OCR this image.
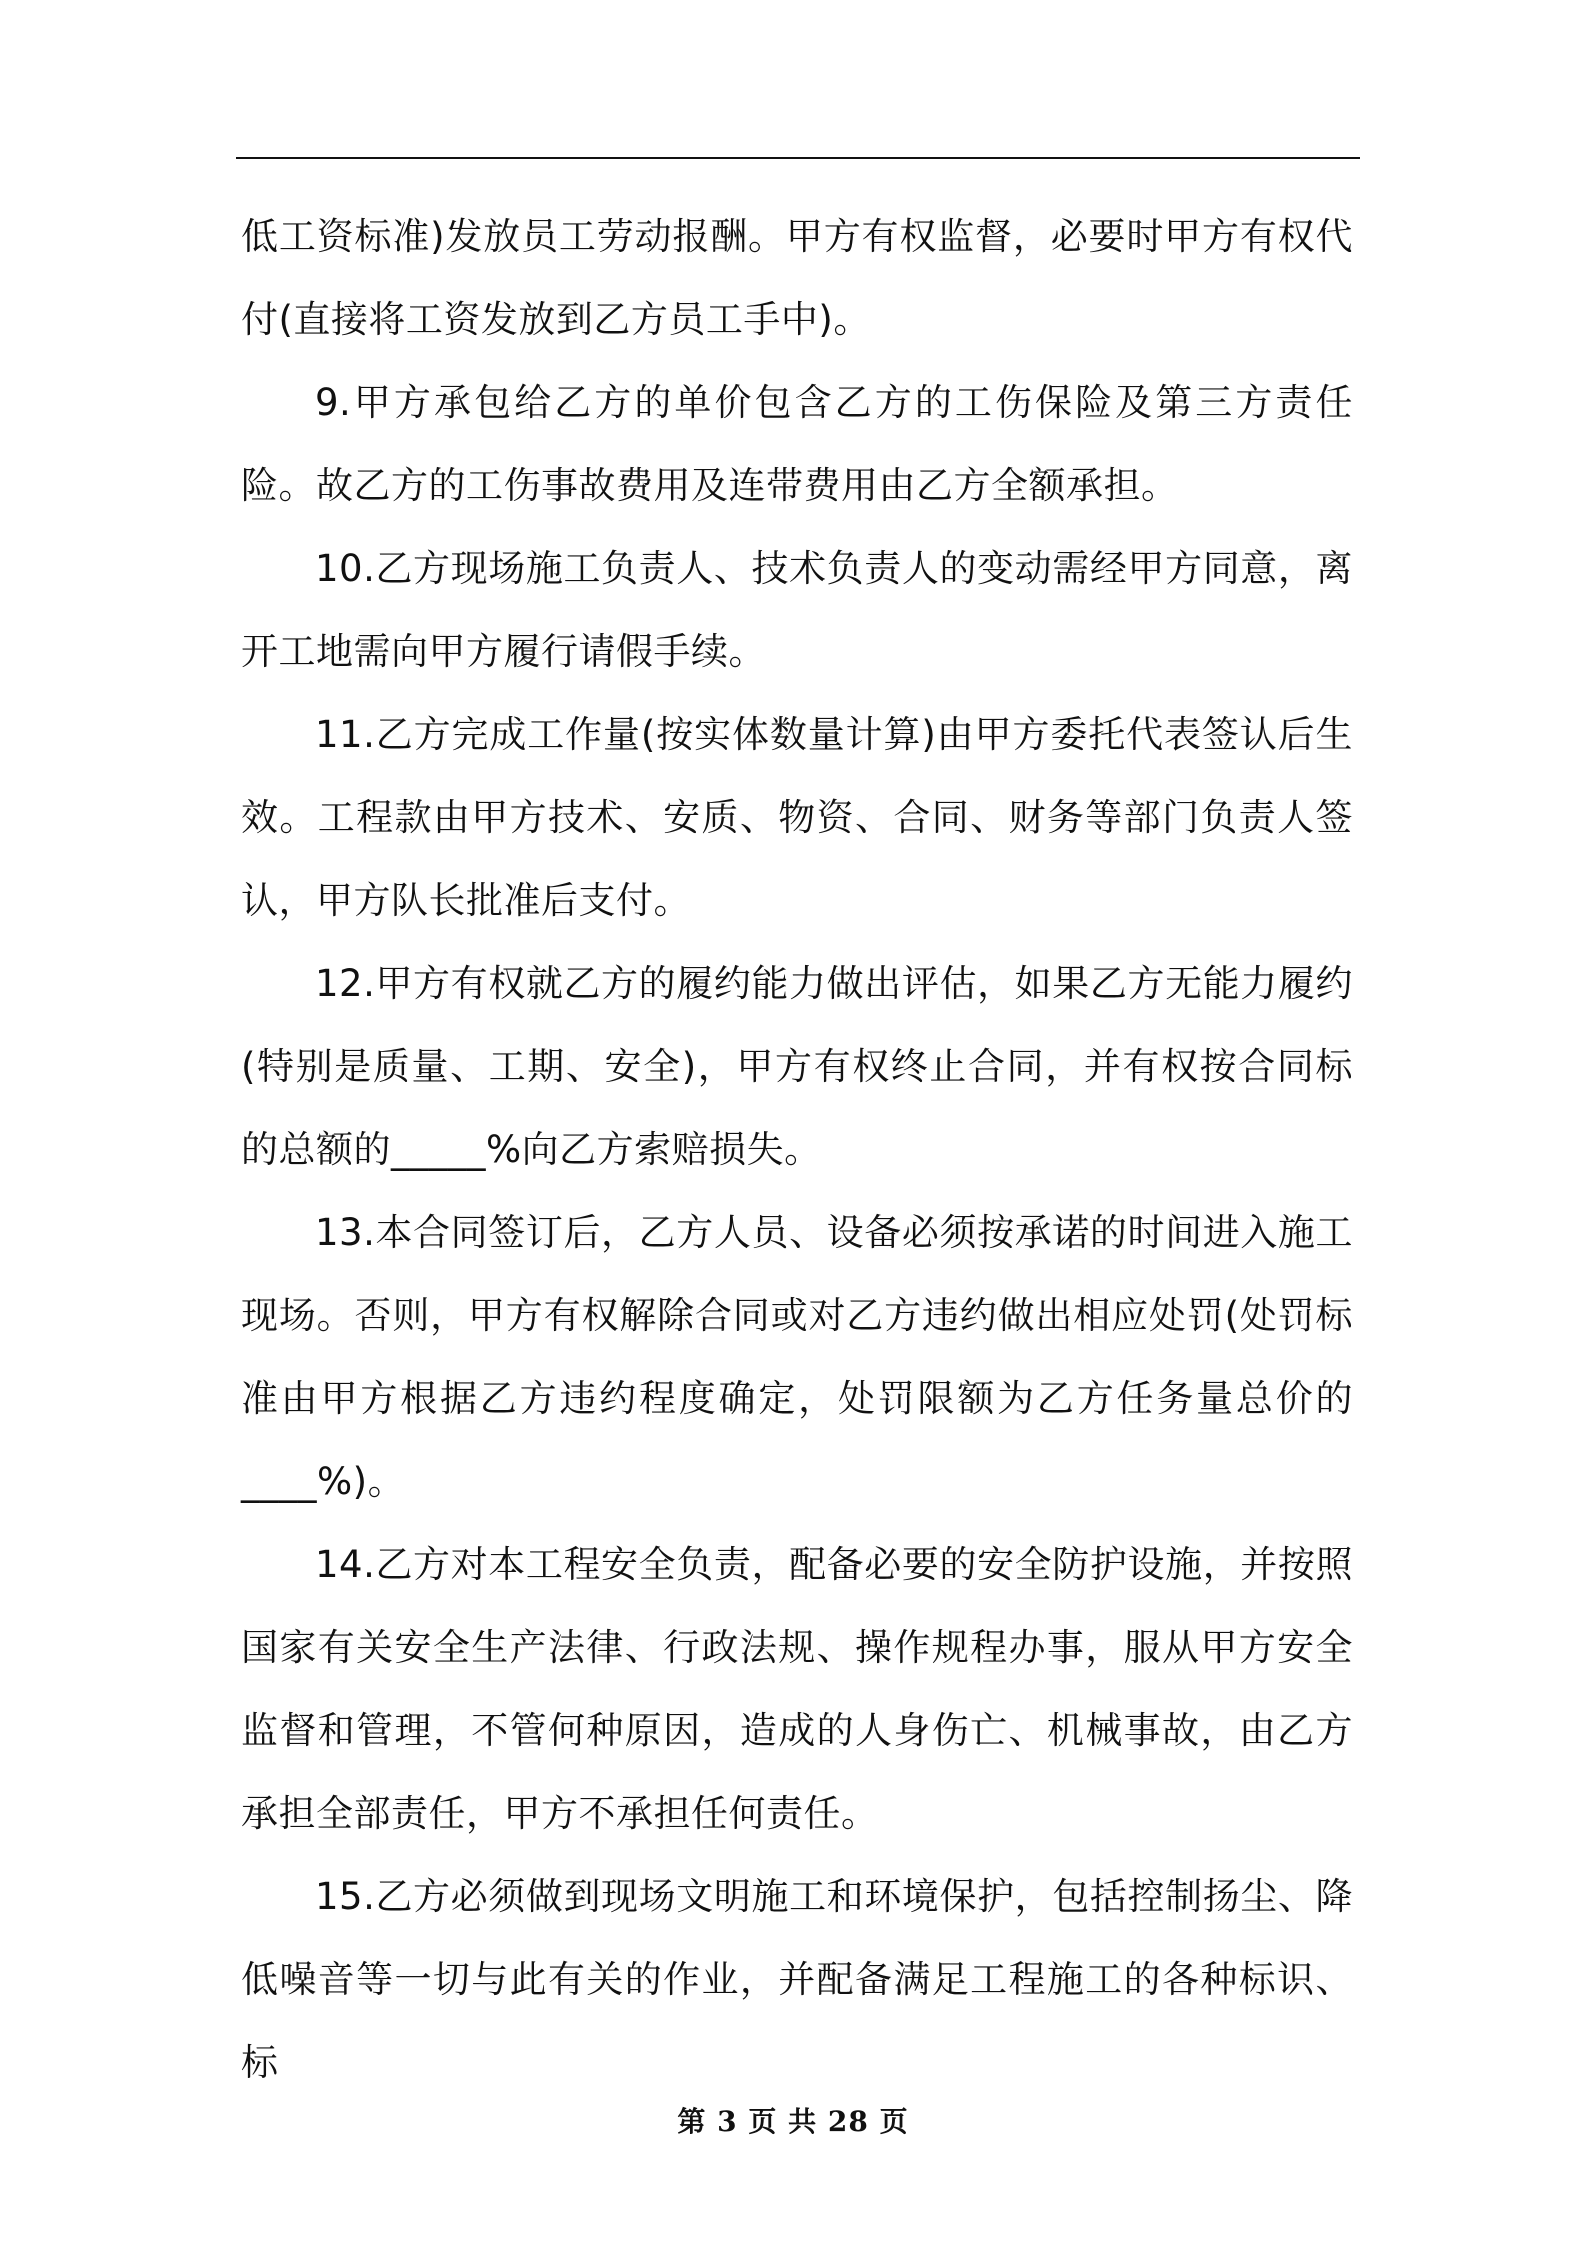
低工资标准)发放员工劳动报酬。甲方有权监督，必要时甲方有权代付(直接将工资发放到乙方员工手中)。

9.甲方承包给乙方的单价包含乙方的工伤保险及第三方责任险。故乙方的工伤事故费用及连带费用由乙方全额承担。

10.乙方现场施工负责人、技术负责人的变动需经甲方同意，离开工地需向甲方履行请假手续。

11.乙方完成工作量(按实体数量计算)由甲方委托代表签认后生效。工程款由甲方技术、安质、物资、合同、财务等部门负责人签认，甲方队长批准后支付。

12.甲方有权就乙方的履约能力做出评估，如果乙方无能力履约(特别是质量、工期、安全)，甲方有权终止合同，并有权按合同标的总额的_____%向乙方索赔损失。

13.本合同签订后，乙方人员、设备必须按承诺的时间进入施工现场。否则，甲方有权解除合同或对乙方违约做出相应处罚(处罚标准由甲方根据乙方违约程度确定，处罚限额为乙方任务量总价的____%)。

14.乙方对本工程安全负责，配备必要的安全防护设施，并按照国家有关安全生产法律、行政法规、操作规程办事，服从甲方安全监督和管理，不管何种原因，造成的人身伤亡、机械事故，由乙方承担全部责任，甲方不承担任何责任。

15.乙方必须做到现场文明施工和环境保护，包括控制扬尘、降低噪音等一切与此有关的作业，并配备满足工程施工的各种标识、标

第 3 页 共 28 页
